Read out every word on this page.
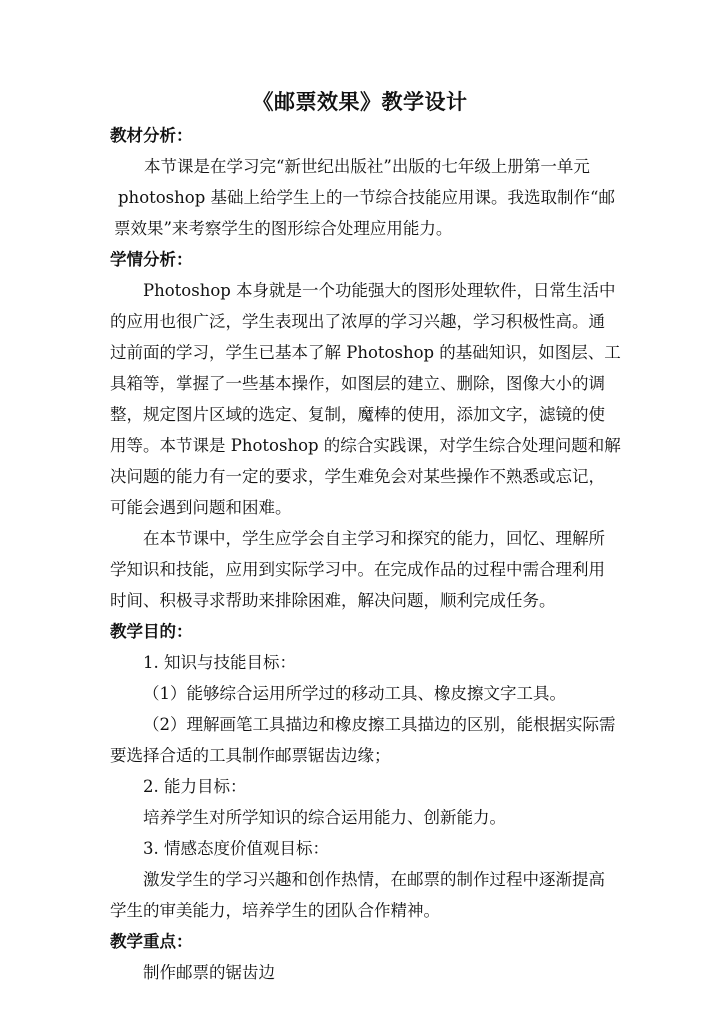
《邮票效果》教学设计

教材分析：

本节课是在学习完“新世纪出版社”出版的七年级上册第一单元
photoshop 基础上给学生上的一节综合技能应用课。我选取制作“邮
票效果”来考察学生的图形综合处理应用能力。

学情分析：

Photoshop 本身就是一个功能强大的图形处理软件，日常生活中
的应用也很广泛，学生表现出了浓厚的学习兴趣，学习积极性高。通
过前面的学习，学生已基本了解 Photoshop 的基础知识，如图层、工
具箱等，掌握了一些基本操作，如图层的建立、删除，图像大小的调
整，规定图片区域的选定、复制，魔棒的使用，添加文字，滤镜的使
用等。本节课是 Photoshop 的综合实践课，对学生综合处理问题和解
决问题的能力有一定的要求，学生难免会对某些操作不熟悉或忘记，
可能会遇到问题和困难。

在本节课中，学生应学会自主学习和探究的能力，回忆、理解所
学知识和技能，应用到实际学习中。在完成作品的过程中需合理利用
时间、积极寻求帮助来排除困难，解决问题，顺利完成任务。

教学目的：

1. 知识与技能目标：

（1）能够综合运用所学过的移动工具、橡皮擦文字工具。

（2）理解画笔工具描边和橡皮擦工具描边的区别，能根据实际需
要选择合适的工具制作邮票锯齿边缘；

2. 能力目标：

培养学生对所学知识的综合运用能力、创新能力。

3. 情感态度价值观目标：

激发学生的学习兴趣和创作热情，在邮票的制作过程中逐渐提高
学生的审美能力，培养学生的团队合作精神。

教学重点：

制作邮票的锯齿边
